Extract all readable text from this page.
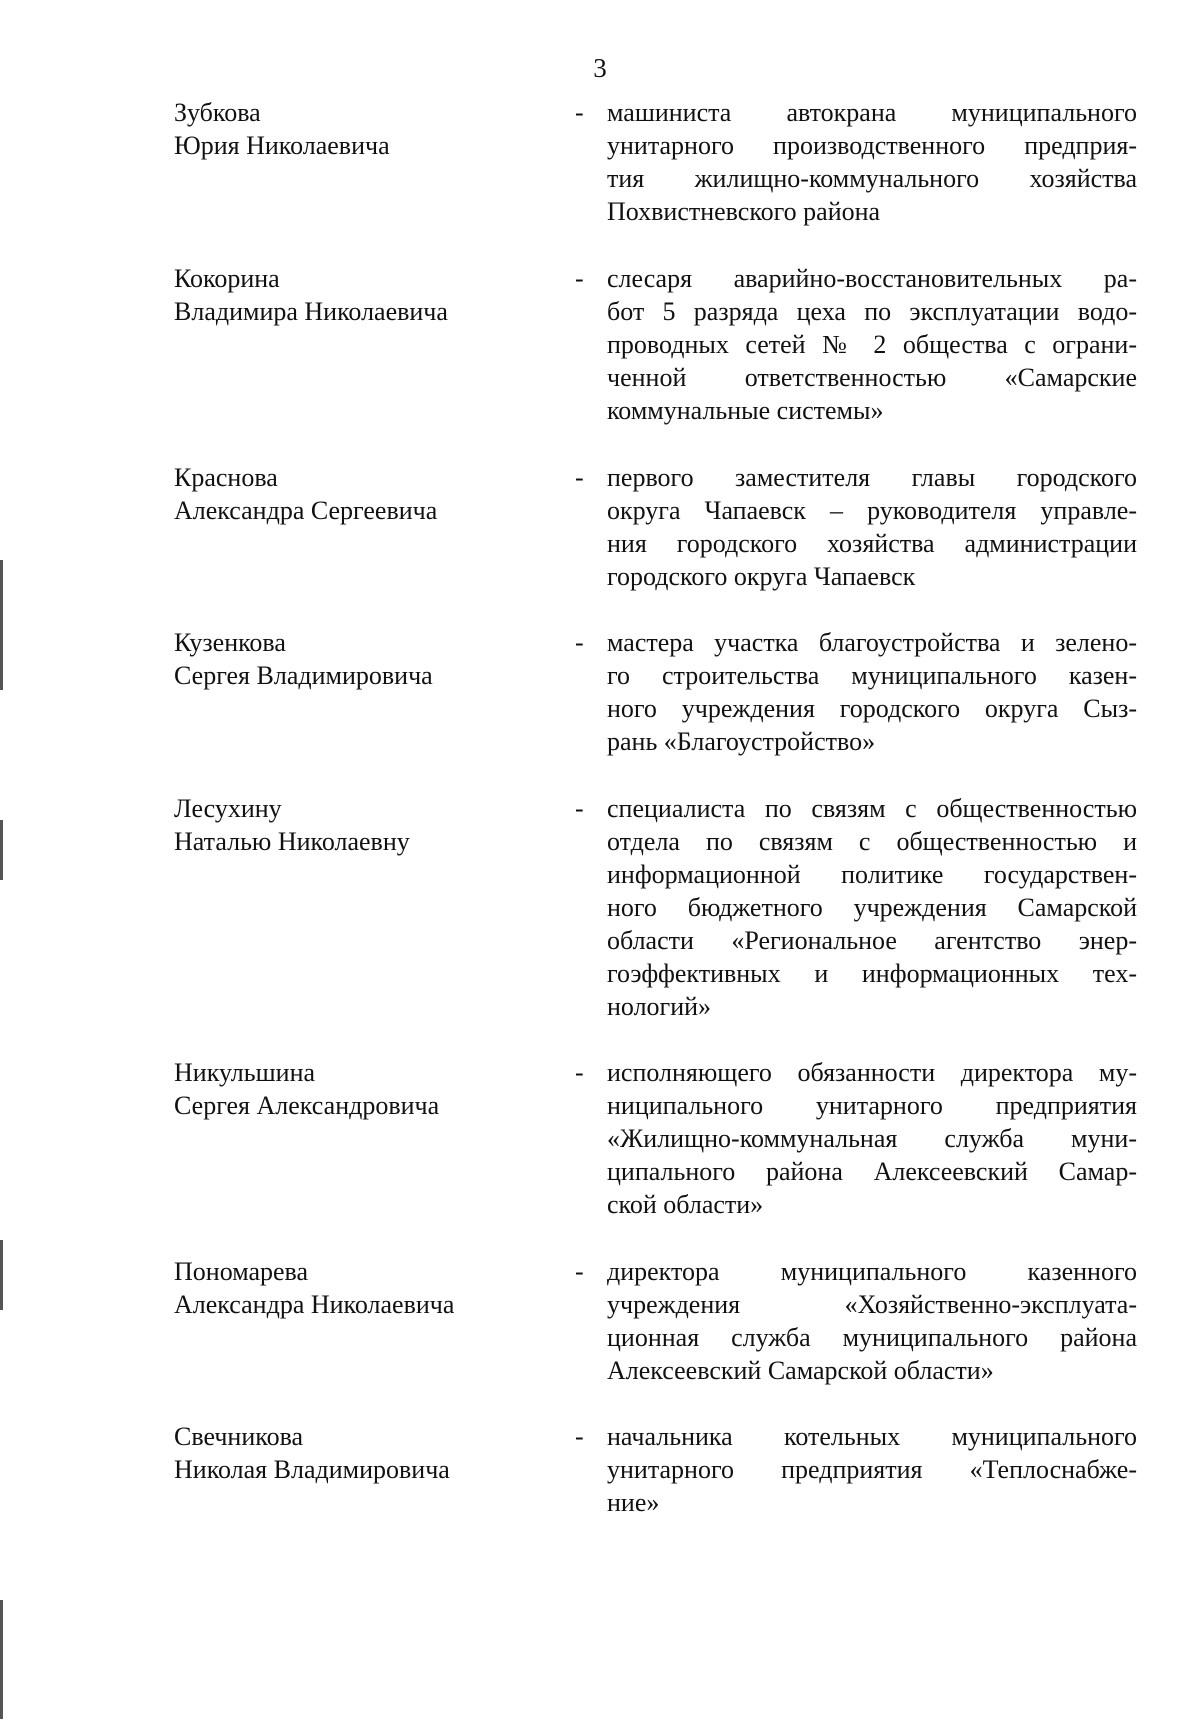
3
Зубкова
Юрия Николаевича
- машиниста автокрана муниципального
унитарного производственного предприя-
тия жилищно-коммунального хозяйства
Похвистневского района
Кокорина
Владимира Николаевича
- слесаря аварийно-восстановительных ра-
бот 5 разряда цеха по эксплуатации водо-
проводных сетей № 2 общества с ограни-
ченной ответственностью «Самарские
коммунальные системы»
Краснова
Александра Сергеевича
- первого заместителя главы городского
округа Чапаевск – руководителя управле-
ния городского хозяйства администрации
городского округа Чапаевск
Кузенкова
Сергея Владимировича
- мастера участка благоустройства и зелено-
го строительства муниципального казен-
ного учреждения городского округа Сыз-
рань «Благоустройство»
Лесухину
Наталью Николаевну
- специалиста по связям с общественностью
отдела по связям с общественностью и
информационной политике государствен-
ного бюджетного учреждения Самарской
области «Региональное агентство энер-
гоэффективных и информационных тех-
нологий»
Никульшина
Сергея Александровича
- исполняющего обязанности директора му-
ниципального унитарного предприятия
«Жилищно-коммунальная служба муни-
ципального района Алексеевский Самар-
ской области»
Пономарева
Александра Николаевича
- директора муниципального казенного
учреждения «Хозяйственно-эксплуата-
ционная служба муниципального района
Алексеевский Самарской области»
Свечникова
Николая Владимировича
- начальника котельных муниципального
унитарного предприятия «Теплоснабже-
ние»
